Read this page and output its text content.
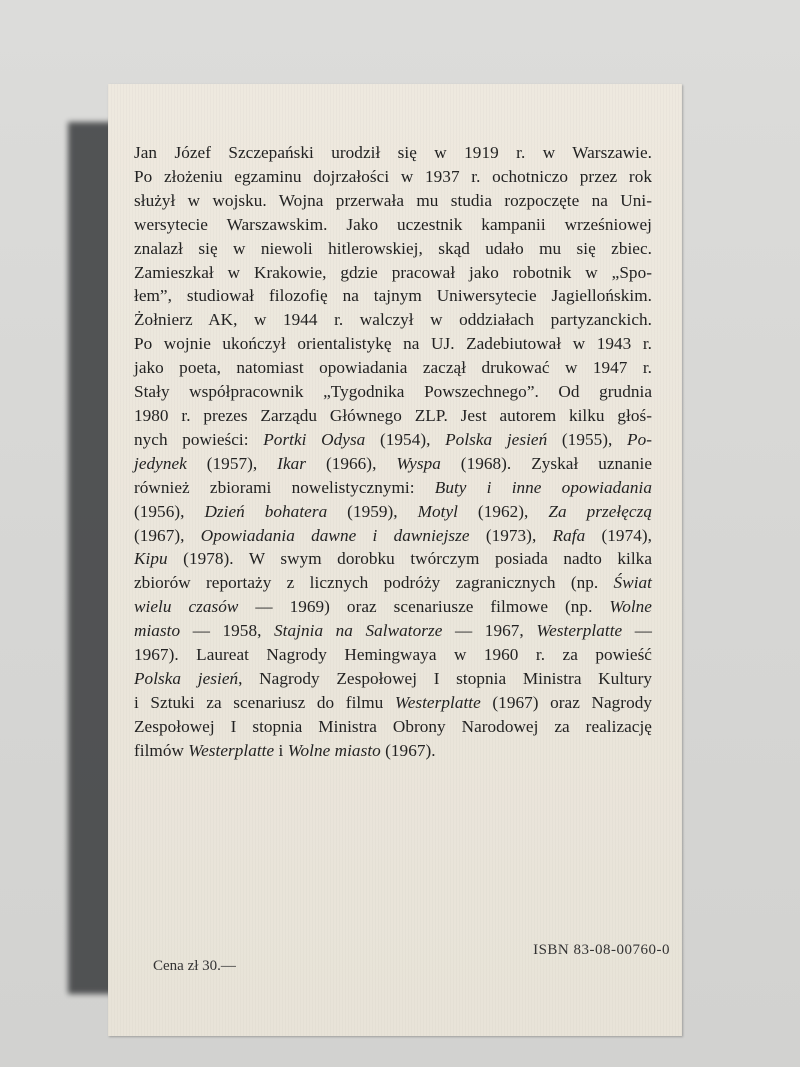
Jan Józef Szczepański urodził się w 1919 r. w Warszawie.
Po złożeniu egzaminu dojrzałości w 1937 r. ochotniczo przez rok
służył w wojsku. Wojna przerwała mu studia rozpoczęte na Uni-
wersytecie Warszawskim. Jako uczestnik kampanii wrześniowej
znalazł się w niewoli hitlerowskiej, skąd udało mu się zbiec.
Zamieszkał w Krakowie, gdzie pracował jako robotnik w „Spo-
łem”, studiował filozofię na tajnym Uniwersytecie Jagiellońskim.
Żołnierz AK, w 1944 r. walczył w oddziałach partyzanckich.
Po wojnie ukończył orientalistykę na UJ. Zadebiutował w 1943 r.
jako poeta, natomiast opowiadania zaczął drukować w 1947 r.
Stały współpracownik „Tygodnika Powszechnego”. Od grudnia
1980 r. prezes Zarządu Głównego ZLP. Jest autorem kilku głoś-
nych powieści: Portki Odysa (1954), Polska jesień (1955), Po-
jedynek (1957), Ikar (1966), Wyspa (1968). Zyskał uznanie
również zbiorami nowelistycznymi: Buty i inne opowiadania
(1956), Dzień bohatera (1959), Motyl (1962), Za przełęczą
(1967), Opowiadania dawne i dawniejsze (1973), Rafa (1974),
Kipu (1978). W swym dorobku twórczym posiada nadto kilka
zbiorów reportaży z licznych podróży zagranicznych (np. Świat
wielu czasów — 1969) oraz scenariusze filmowe (np. Wolne
miasto — 1958, Stajnia na Salwatorze — 1967, Westerplatte —
1967). Laureat Nagrody Hemingwaya w 1960 r. za powieść
Polska jesień, Nagrody Zespołowej I stopnia Ministra Kultury
i Sztuki za scenariusz do filmu Westerplatte (1967) oraz Nagrody
Zespołowej I stopnia Ministra Obrony Narodowej za realizację
filmów Westerplatte i Wolne miasto (1967).
Cena zł 30.—
ISBN 83-08-00760-0
